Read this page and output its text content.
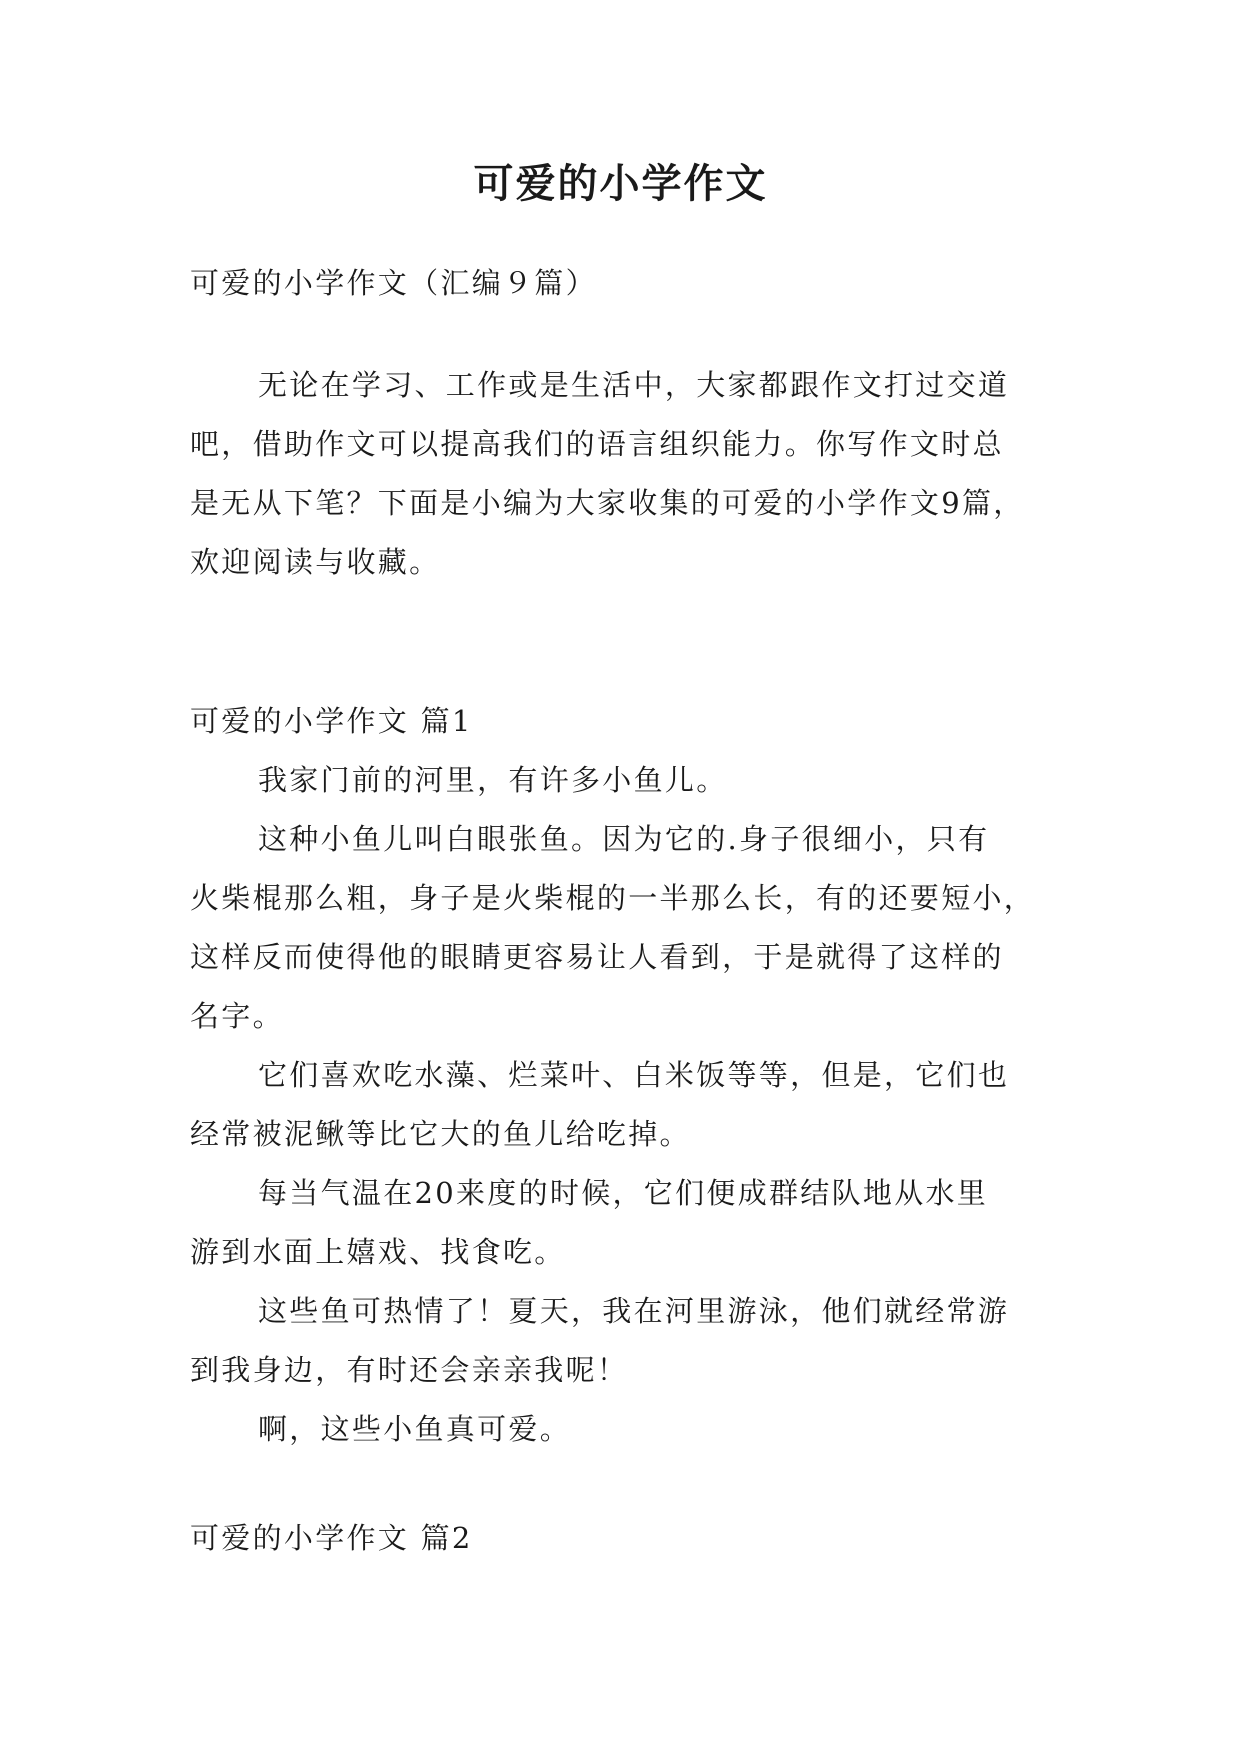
可爱的小学作文

可爱的小学作文（汇编９篇）

无论在学习、工作或是生活中，大家都跟作文打过交道

吧，借助作文可以提高我们的语言组织能力。你写作文时总

是无从下笔？下面是小编为大家收集的可爱的小学作文9篇，

欢迎阅读与收藏。

可爱的小学作文 篇1

我家门前的河里，有许多小鱼儿。

这种小鱼儿叫白眼张鱼。因为它的.身子很细小，只有

火柴棍那么粗，身子是火柴棍的一半那么长，有的还要短小，

这样反而使得他的眼睛更容易让人看到，于是就得了这样的

名字。

它们喜欢吃水藻、烂菜叶、白米饭等等，但是，它们也

经常被泥鳅等比它大的鱼儿给吃掉。

每当气温在20来度的时候，它们便成群结队地从水里

游到水面上嬉戏、找食吃。

这些鱼可热情了！夏天，我在河里游泳，他们就经常游

到我身边，有时还会亲亲我呢！

啊，这些小鱼真可爱。

可爱的小学作文 篇2
